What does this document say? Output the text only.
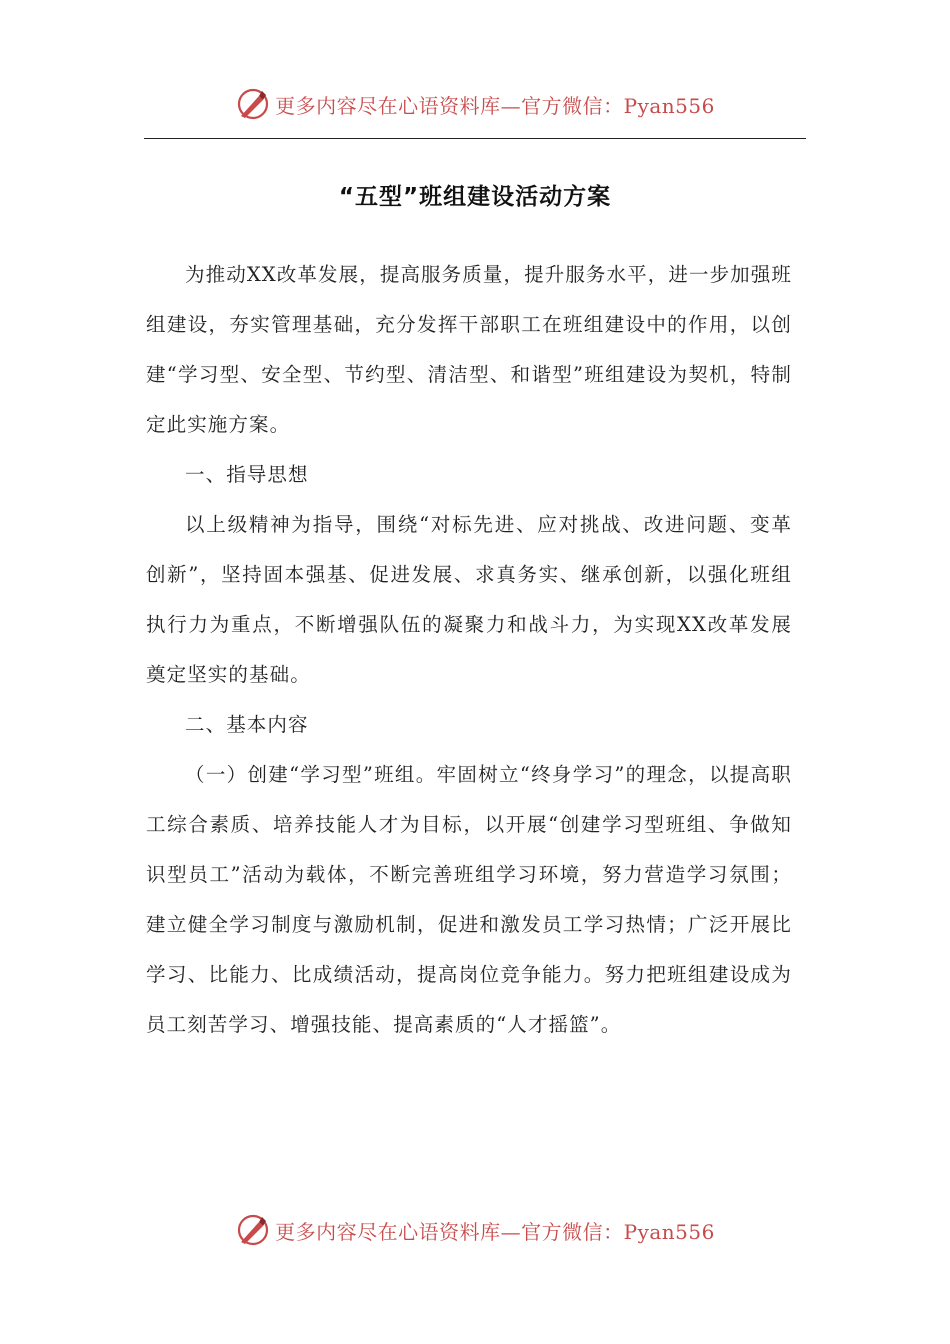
更多内容尽在心语资料库—官方微信：Pyan556
“五型”班组建设活动方案

为推动XX改革发展，提高服务质量，提升服务水平，进一步加强班组建设，夯实管理基础，充分发挥干部职工在班组建设中的作用，以创建“学习型、安全型、节约型、清洁型、和谐型”班组建设为契机，特制定此实施方案。

一、指导思想

以上级精神为指导，围绕“对标先进、应对挑战、改进问题、变革创新”，坚持固本强基、促进发展、求真务实、继承创新，以强化班组执行力为重点，不断增强队伍的凝聚力和战斗力，为实现XX改革发展奠定坚实的基础。

二、基本内容

（一）创建“学习型”班组。牢固树立“终身学习”的理念，以提高职工综合素质、培养技能人才为目标，以开展“创建学习型班组、争做知识型员工”活动为载体，不断完善班组学习环境，努力营造学习氛围；建立健全学习制度与激励机制，促进和激发员工学习热情；广泛开展比学习、比能力、比成绩活动，提高岗位竞争能力。努力把班组建设成为员工刻苦学习、增强技能、提高素质的“人才摇篮”。

更多内容尽在心语资料库—官方微信：Pyan556
